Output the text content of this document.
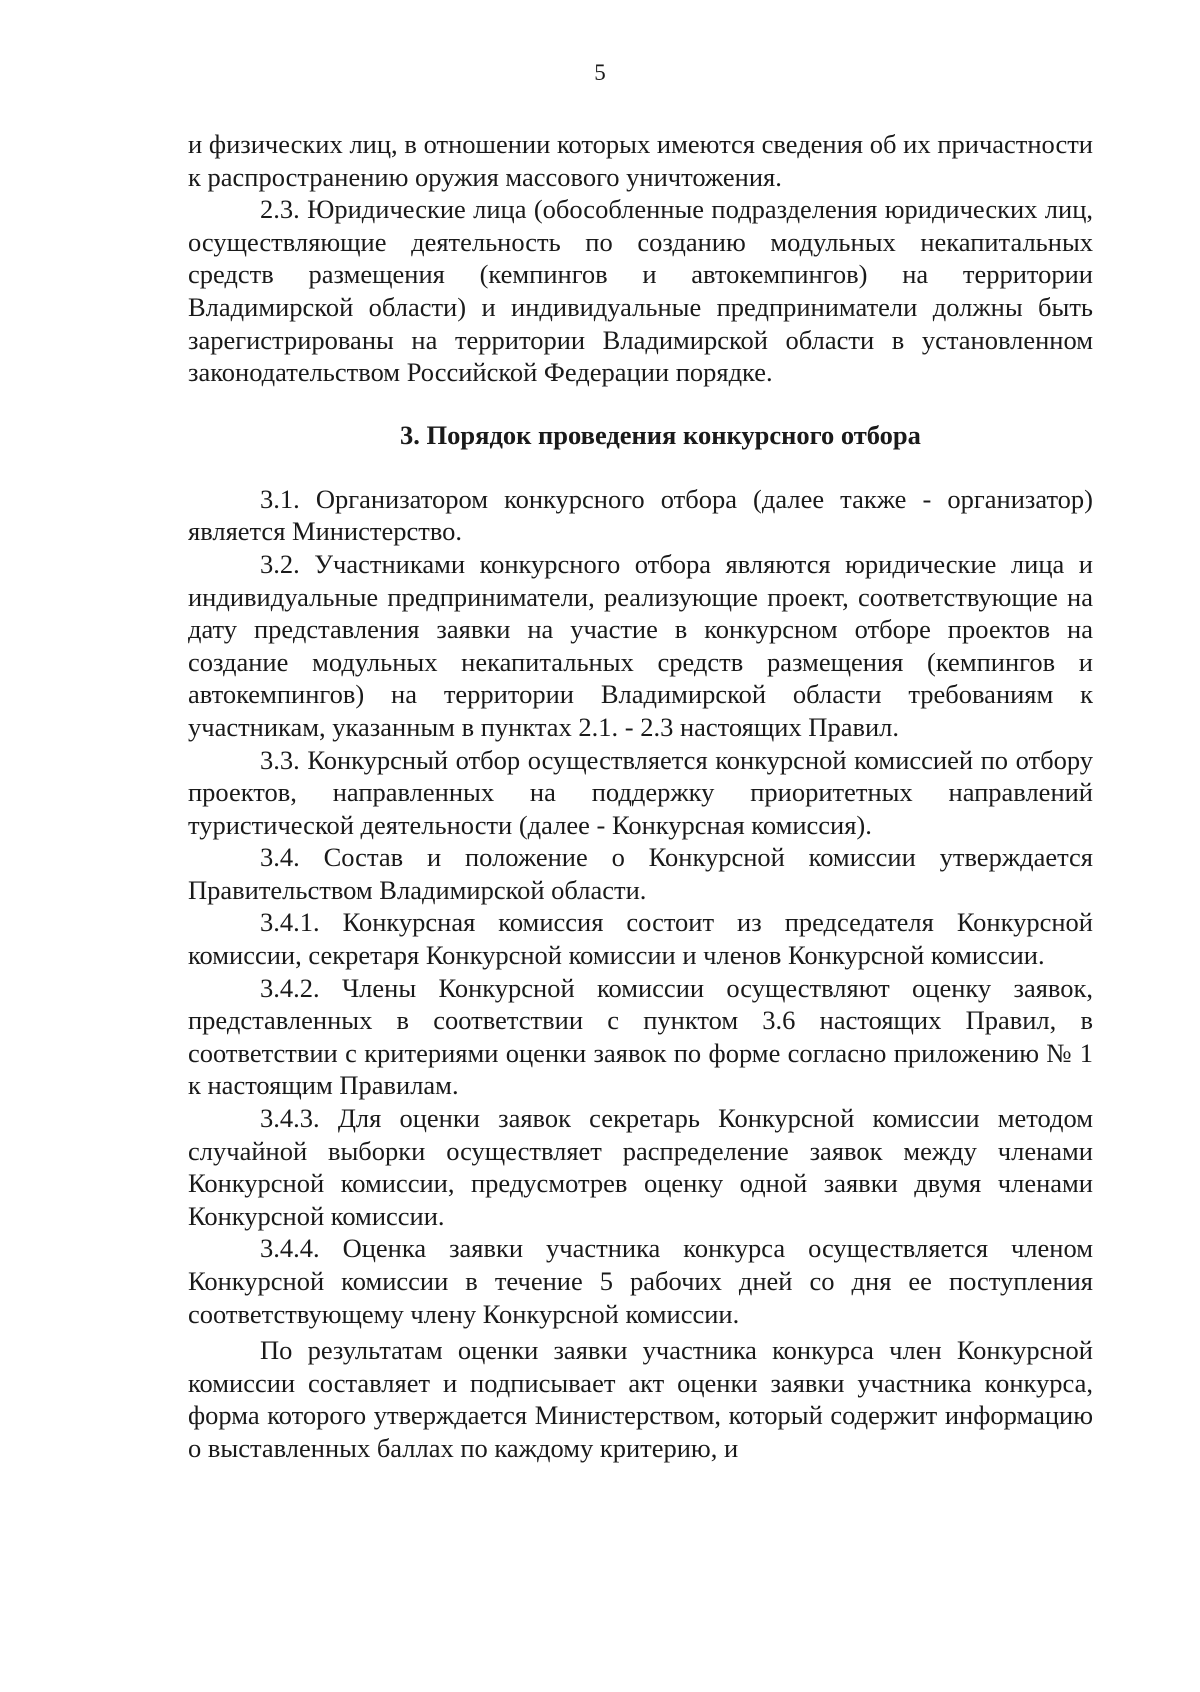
5

и физических лиц, в отношении которых имеются сведения об их причастности к распространению оружия массового уничтожения.

2.3. Юридические лица (обособленные подразделения юридических лиц, осуществляющие деятельность по созданию модульных некапитальных средств размещения (кемпингов и автокемпингов) на территории Владимирской области) и индивидуальные предприниматели должны быть зарегистрированы на территории Владимирской области в установленном законодательством Российской Федерации порядке.

3. Порядок проведения конкурсного отбора

3.1. Организатором конкурсного отбора (далее также - организатор) является Министерство.

3.2. Участниками конкурсного отбора являются юридические лица и индивидуальные предприниматели, реализующие проект, соответствующие на дату представления заявки на участие в конкурсном отборе проектов на создание модульных некапитальных средств размещения (кемпингов и автокемпингов) на территории Владимирской области требованиям к участникам, указанным в пунктах 2.1. - 2.3 настоящих Правил.

3.3. Конкурсный отбор осуществляется конкурсной комиссией по отбору проектов, направленных на поддержку приоритетных направлений туристической деятельности (далее - Конкурсная комиссия).

3.4. Состав и положение о Конкурсной комиссии утверждается Правительством Владимирской области.

3.4.1. Конкурсная комиссия состоит из председателя Конкурсной комиссии, секретаря Конкурсной комиссии и членов Конкурсной комиссии.

3.4.2. Члены Конкурсной комиссии осуществляют оценку заявок, представленных в соответствии с пунктом 3.6 настоящих Правил, в соответствии с критериями оценки заявок по форме согласно приложению № 1 к настоящим Правилам.

3.4.3. Для оценки заявок секретарь Конкурсной комиссии методом случайной выборки осуществляет распределение заявок между членами Конкурсной комиссии, предусмотрев оценку одной заявки двумя членами Конкурсной комиссии.

3.4.4. Оценка заявки участника конкурса осуществляется членом Конкурсной комиссии в течение 5 рабочих дней со дня ее поступления соответствующему члену Конкурсной комиссии.

По результатам оценки заявки участника конкурса член Конкурсной комиссии составляет и подписывает акт оценки заявки участника конкурса, форма которого утверждается Министерством, который содержит информацию о выставленных баллах по каждому критерию, и
